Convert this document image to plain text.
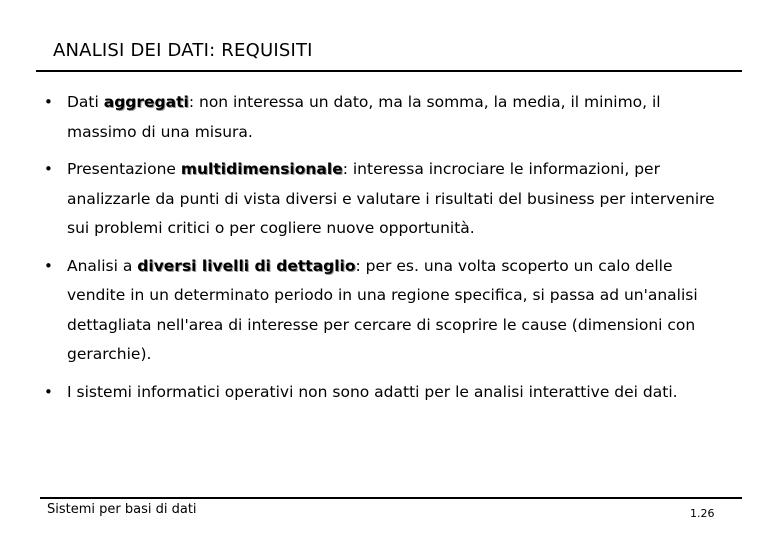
ANALISI DEI DATI: REQUISITI
• Dati aggregati: non interessa un dato, ma la somma, la media, il minimo, il massimo di una misura.
• Presentazione multidimensionale: interessa incrociare le informazioni, per analizzarle da punti di vista diversi e valutare i risultati del business per intervenire sui problemi critici o per cogliere nuove opportunità.
• Analisi a diversi livelli di dettaglio: per es. una volta scoperto un calo delle vendite in un determinato periodo in una regione specifica, si passa ad un'analisi dettagliata nell'area di interesse per cercare di scoprire le cause (dimensioni con gerarchie).
• I sistemi informatici operativi non sono adatti per le analisi interattive dei dati.
Sistemi per basi di dati	1.26
